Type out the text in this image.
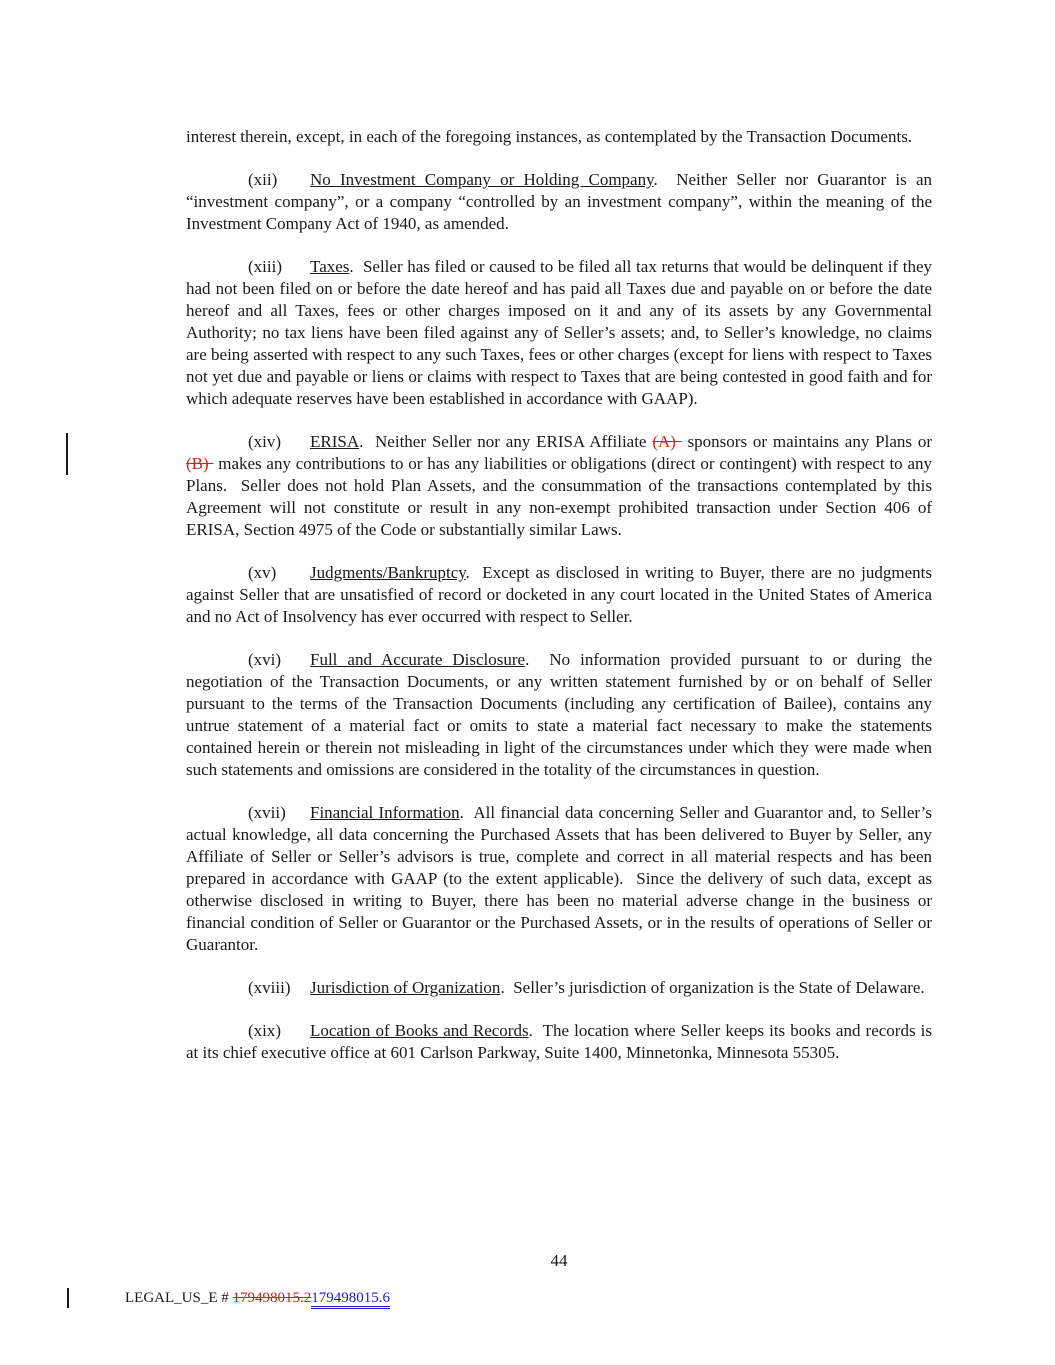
interest therein, except, in each of the foregoing instances, as contemplated by the Transaction Documents.

(xii) No Investment Company or Holding Company.  Neither Seller nor Guarantor is an “investment company”, or a company “controlled by an investment company”, within the meaning of the Investment Company Act of 1940, as amended.

(xiii) Taxes.  Seller has filed or caused to be filed all tax returns that would be delinquent if they had not been filed on or before the date hereof and has paid all Taxes due and payable on or before the date hereof and all Taxes, fees or other charges imposed on it and any of its assets by any Governmental Authority; no tax liens have been filed against any of Seller’s assets; and, to Seller’s knowledge, no claims are being asserted with respect to any such Taxes, fees or other charges (except for liens with respect to Taxes not yet due and payable or liens or claims with respect to Taxes that are being contested in good faith and for which adequate reserves have been established in accordance with GAAP).

(xiv) ERISA.  Neither Seller nor any ERISA Affiliate (A)  sponsors or maintains any Plans or (B)  makes any contributions to or has any liabilities or obligations (direct or contingent) with respect to any Plans.  Seller does not hold Plan Assets, and the consummation of the transactions contemplated by this Agreement will not constitute or result in any non-exempt prohibited transaction under Section 406 of ERISA, Section 4975 of the Code or substantially similar Laws.

(xv) Judgments/Bankruptcy.  Except as disclosed in writing to Buyer, there are no judgments against Seller that are unsatisfied of record or docketed in any court located in the United States of America and no Act of Insolvency has ever occurred with respect to Seller.

(xvi) Full and Accurate Disclosure.  No information provided pursuant to or during the negotiation of the Transaction Documents, or any written statement furnished by or on behalf of Seller pursuant to the terms of the Transaction Documents (including any certification of Bailee), contains any untrue statement of a material fact or omits to state a material fact necessary to make the statements contained herein or therein not misleading in light of the circumstances under which they were made when such statements and omissions are considered in the totality of the circumstances in question.

(xvii) Financial Information.  All financial data concerning Seller and Guarantor and, to Seller’s actual knowledge, all data concerning the Purchased Assets that has been delivered to Buyer by Seller, any Affiliate of Seller or Seller’s advisors is true, complete and correct in all material respects and has been prepared in accordance with GAAP (to the extent applicable).  Since the delivery of such data, except as otherwise disclosed in writing to Buyer, there has been no material adverse change in the business or financial condition of Seller or Guarantor or the Purchased Assets, or in the results of operations of Seller or Guarantor.

(xviii) Jurisdiction of Organization.  Seller’s jurisdiction of organization is the State of Delaware.

(xix) Location of Books and Records.  The location where Seller keeps its books and records is at its chief executive office at 601 Carlson Parkway, Suite 1400, Minnetonka, Minnesota 55305.

44
LEGAL_US_E # 179498015.2179498015.6
